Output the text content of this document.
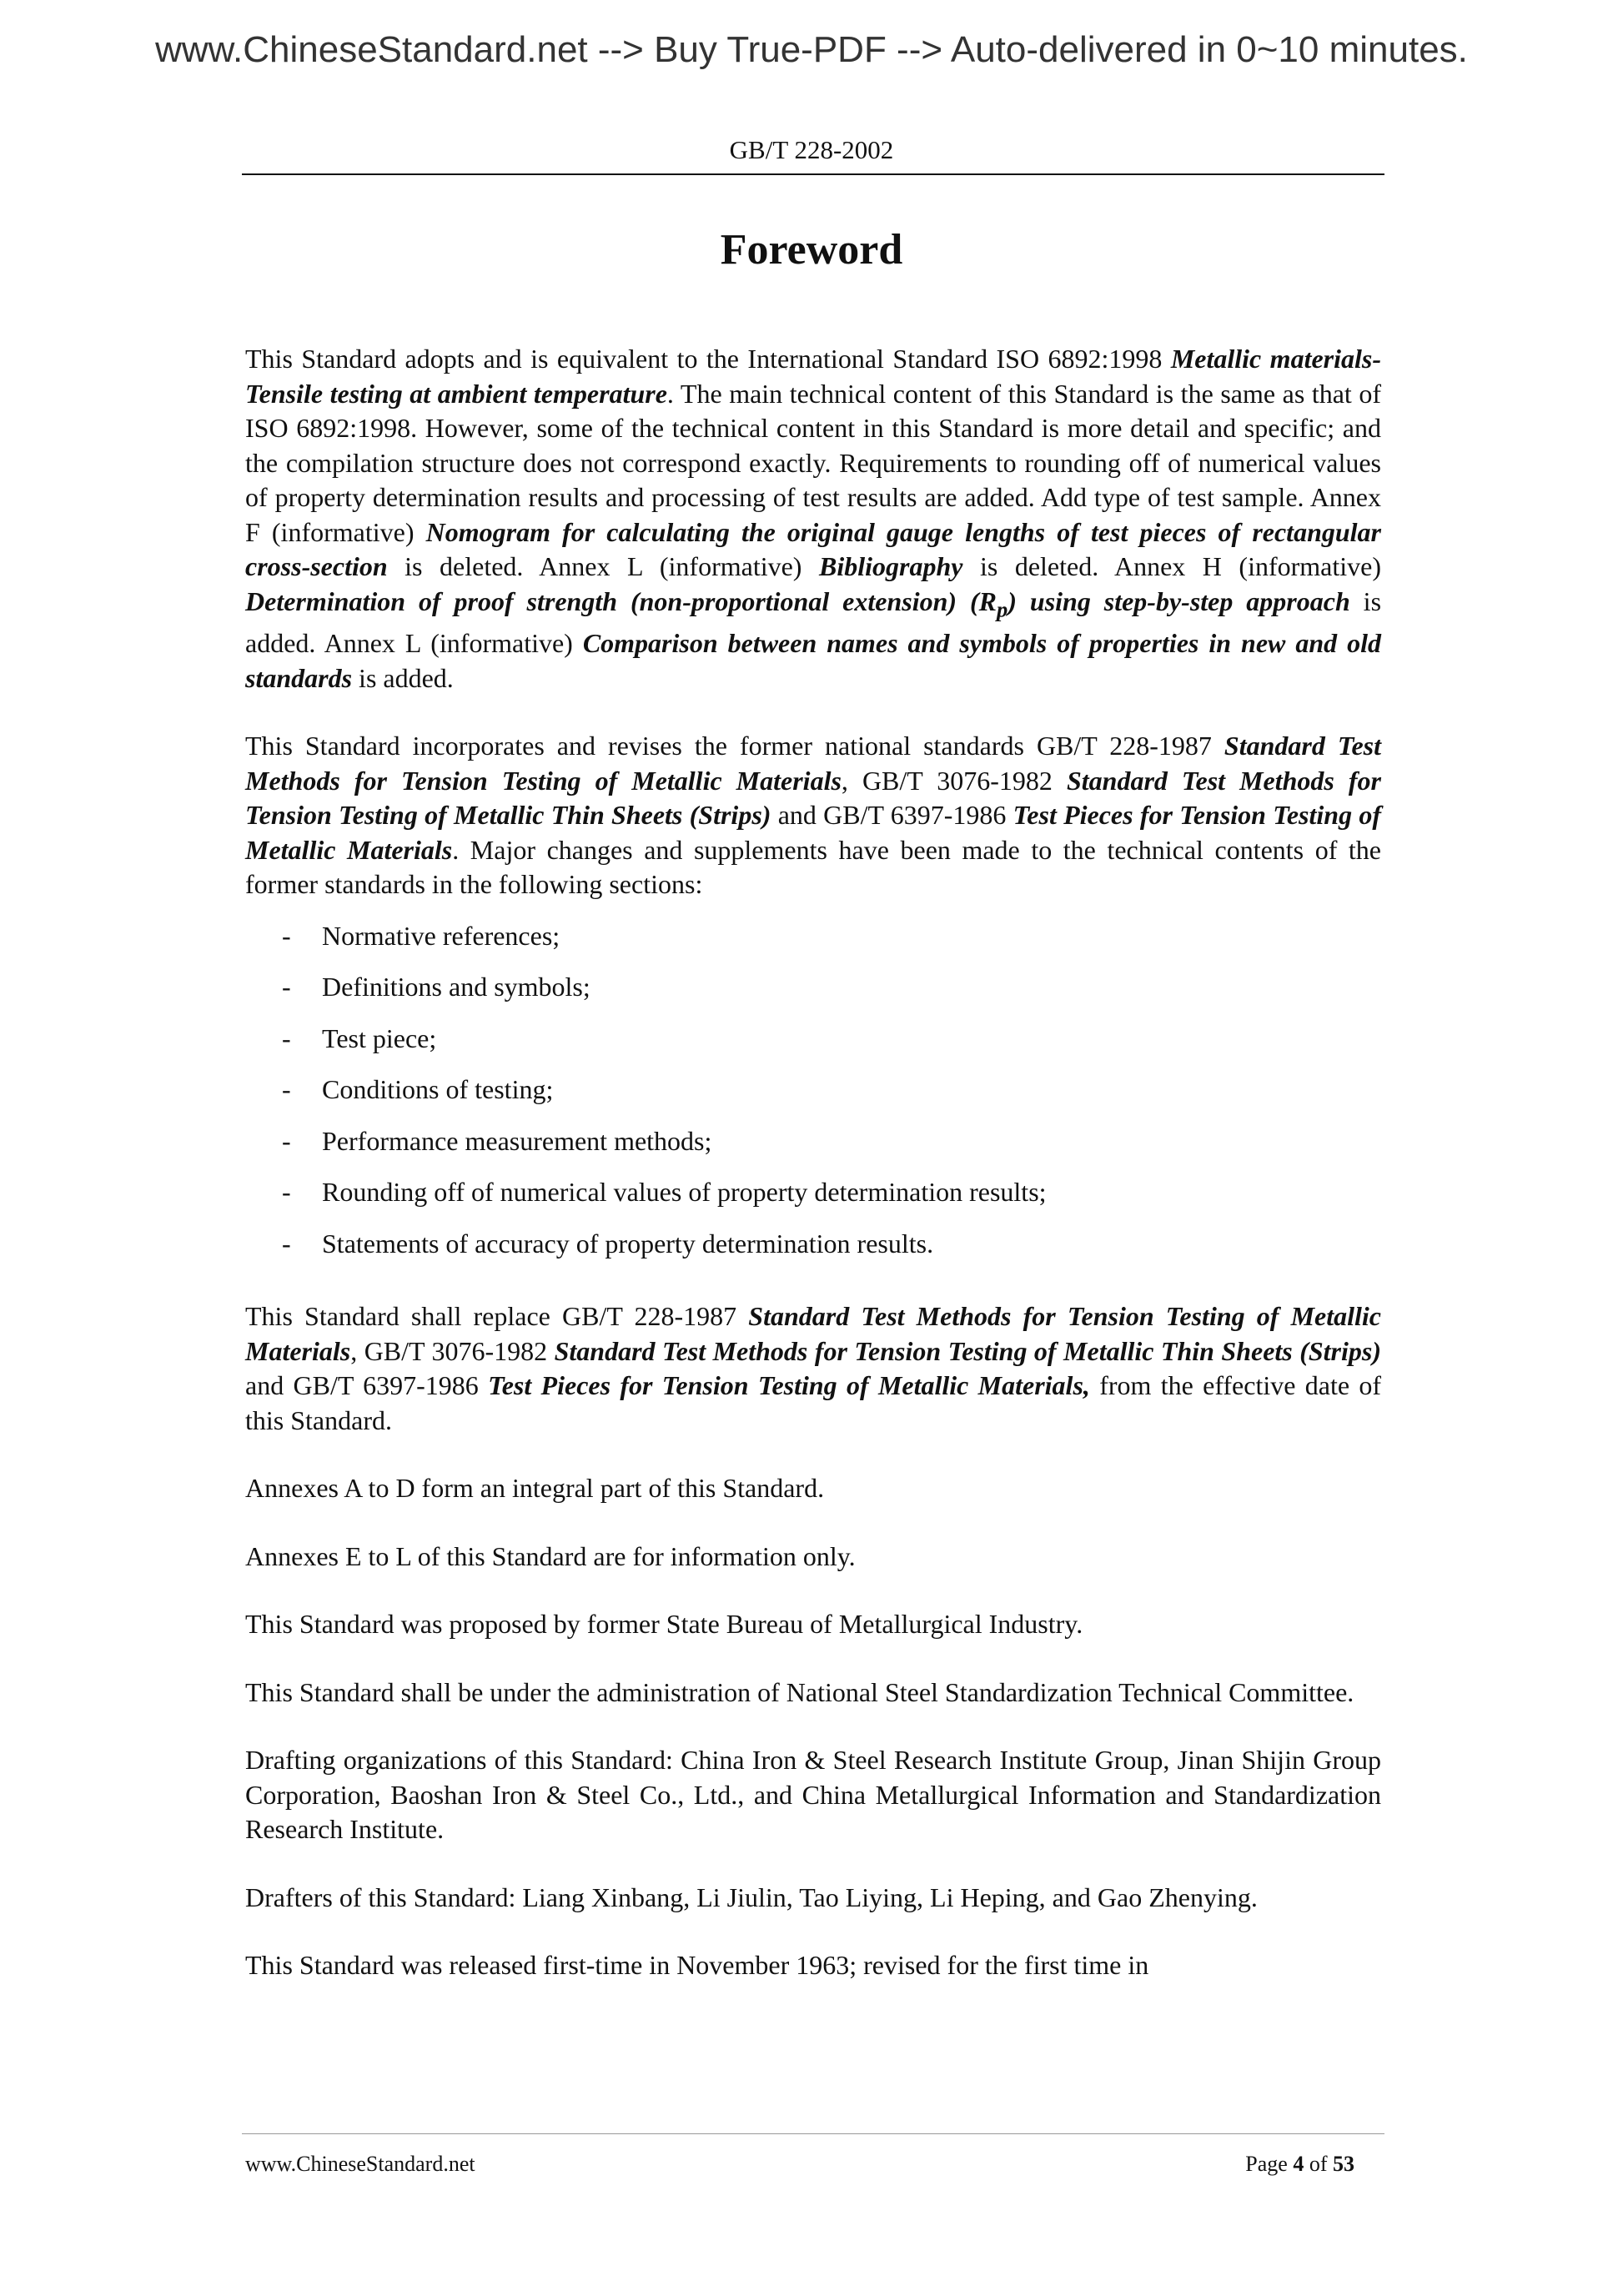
www.ChineseStandard.net --> Buy True-PDF --> Auto-delivered in 0~10 minutes.
GB/T 228-2002
Foreword

This Standard adopts and is equivalent to the International Standard ISO 6892:1998 Metallic materials-Tensile testing at ambient temperature. The main technical content of this Standard is the same as that of ISO 6892:1998. However, some of the technical content in this Standard is more detail and specific; and the compilation structure does not correspond exactly. Requirements to rounding off of numerical values of property determination results and processing of test results are added. Add type of test sample. Annex F (informative) Nomogram for calculating the original gauge lengths of test pieces of rectangular cross-section is deleted. Annex L (informative) Bibliography is deleted. Annex H (informative) Determination of proof strength (non-proportional extension) $(R_p)$ using step-by-step approach is added. Annex L (informative) Comparison between names and symbols of properties in new and old standards is added.

This Standard incorporates and revises the former national standards GB/T 228-1987 Standard Test Methods for Tension Testing of Metallic Materials, GB/T 3076-1982 Standard Test Methods for Tension Testing of Metallic Thin Sheets (Strips) and GB/T 6397-1986 Test Pieces for Tension Testing of Metallic Materials. Major changes and supplements have been made to the technical contents of the former standards in the following sections:

- Normative references;
- Definitions and symbols;
- Test piece;
- Conditions of testing;
- Performance measurement methods;
- Rounding off of numerical values of property determination results;
- Statements of accuracy of property determination results.

This Standard shall replace GB/T 228-1987 Standard Test Methods for Tension Testing of Metallic Materials, GB/T 3076-1982 Standard Test Methods for Tension Testing of Metallic Thin Sheets (Strips) and GB/T 6397-1986 Test Pieces for Tension Testing of Metallic Materials, from the effective date of this Standard.

Annexes A to D form an integral part of this Standard.

Annexes E to L of this Standard are for information only.

This Standard was proposed by former State Bureau of Metallurgical Industry.

This Standard shall be under the administration of National Steel Standardization Technical Committee.

Drafting organizations of this Standard: China Iron & Steel Research Institute Group, Jinan Shijin Group Corporation, Baoshan Iron & Steel Co., Ltd., and China Metallurgical Information and Standardization Research Institute.

Drafters of this Standard: Liang Xinbang, Li Jiulin, Tao Liying, Li Heping, and Gao Zhenying.

This Standard was released first-time in November 1963; revised for the first time in

www.ChineseStandard.net	Page 4 of 53
